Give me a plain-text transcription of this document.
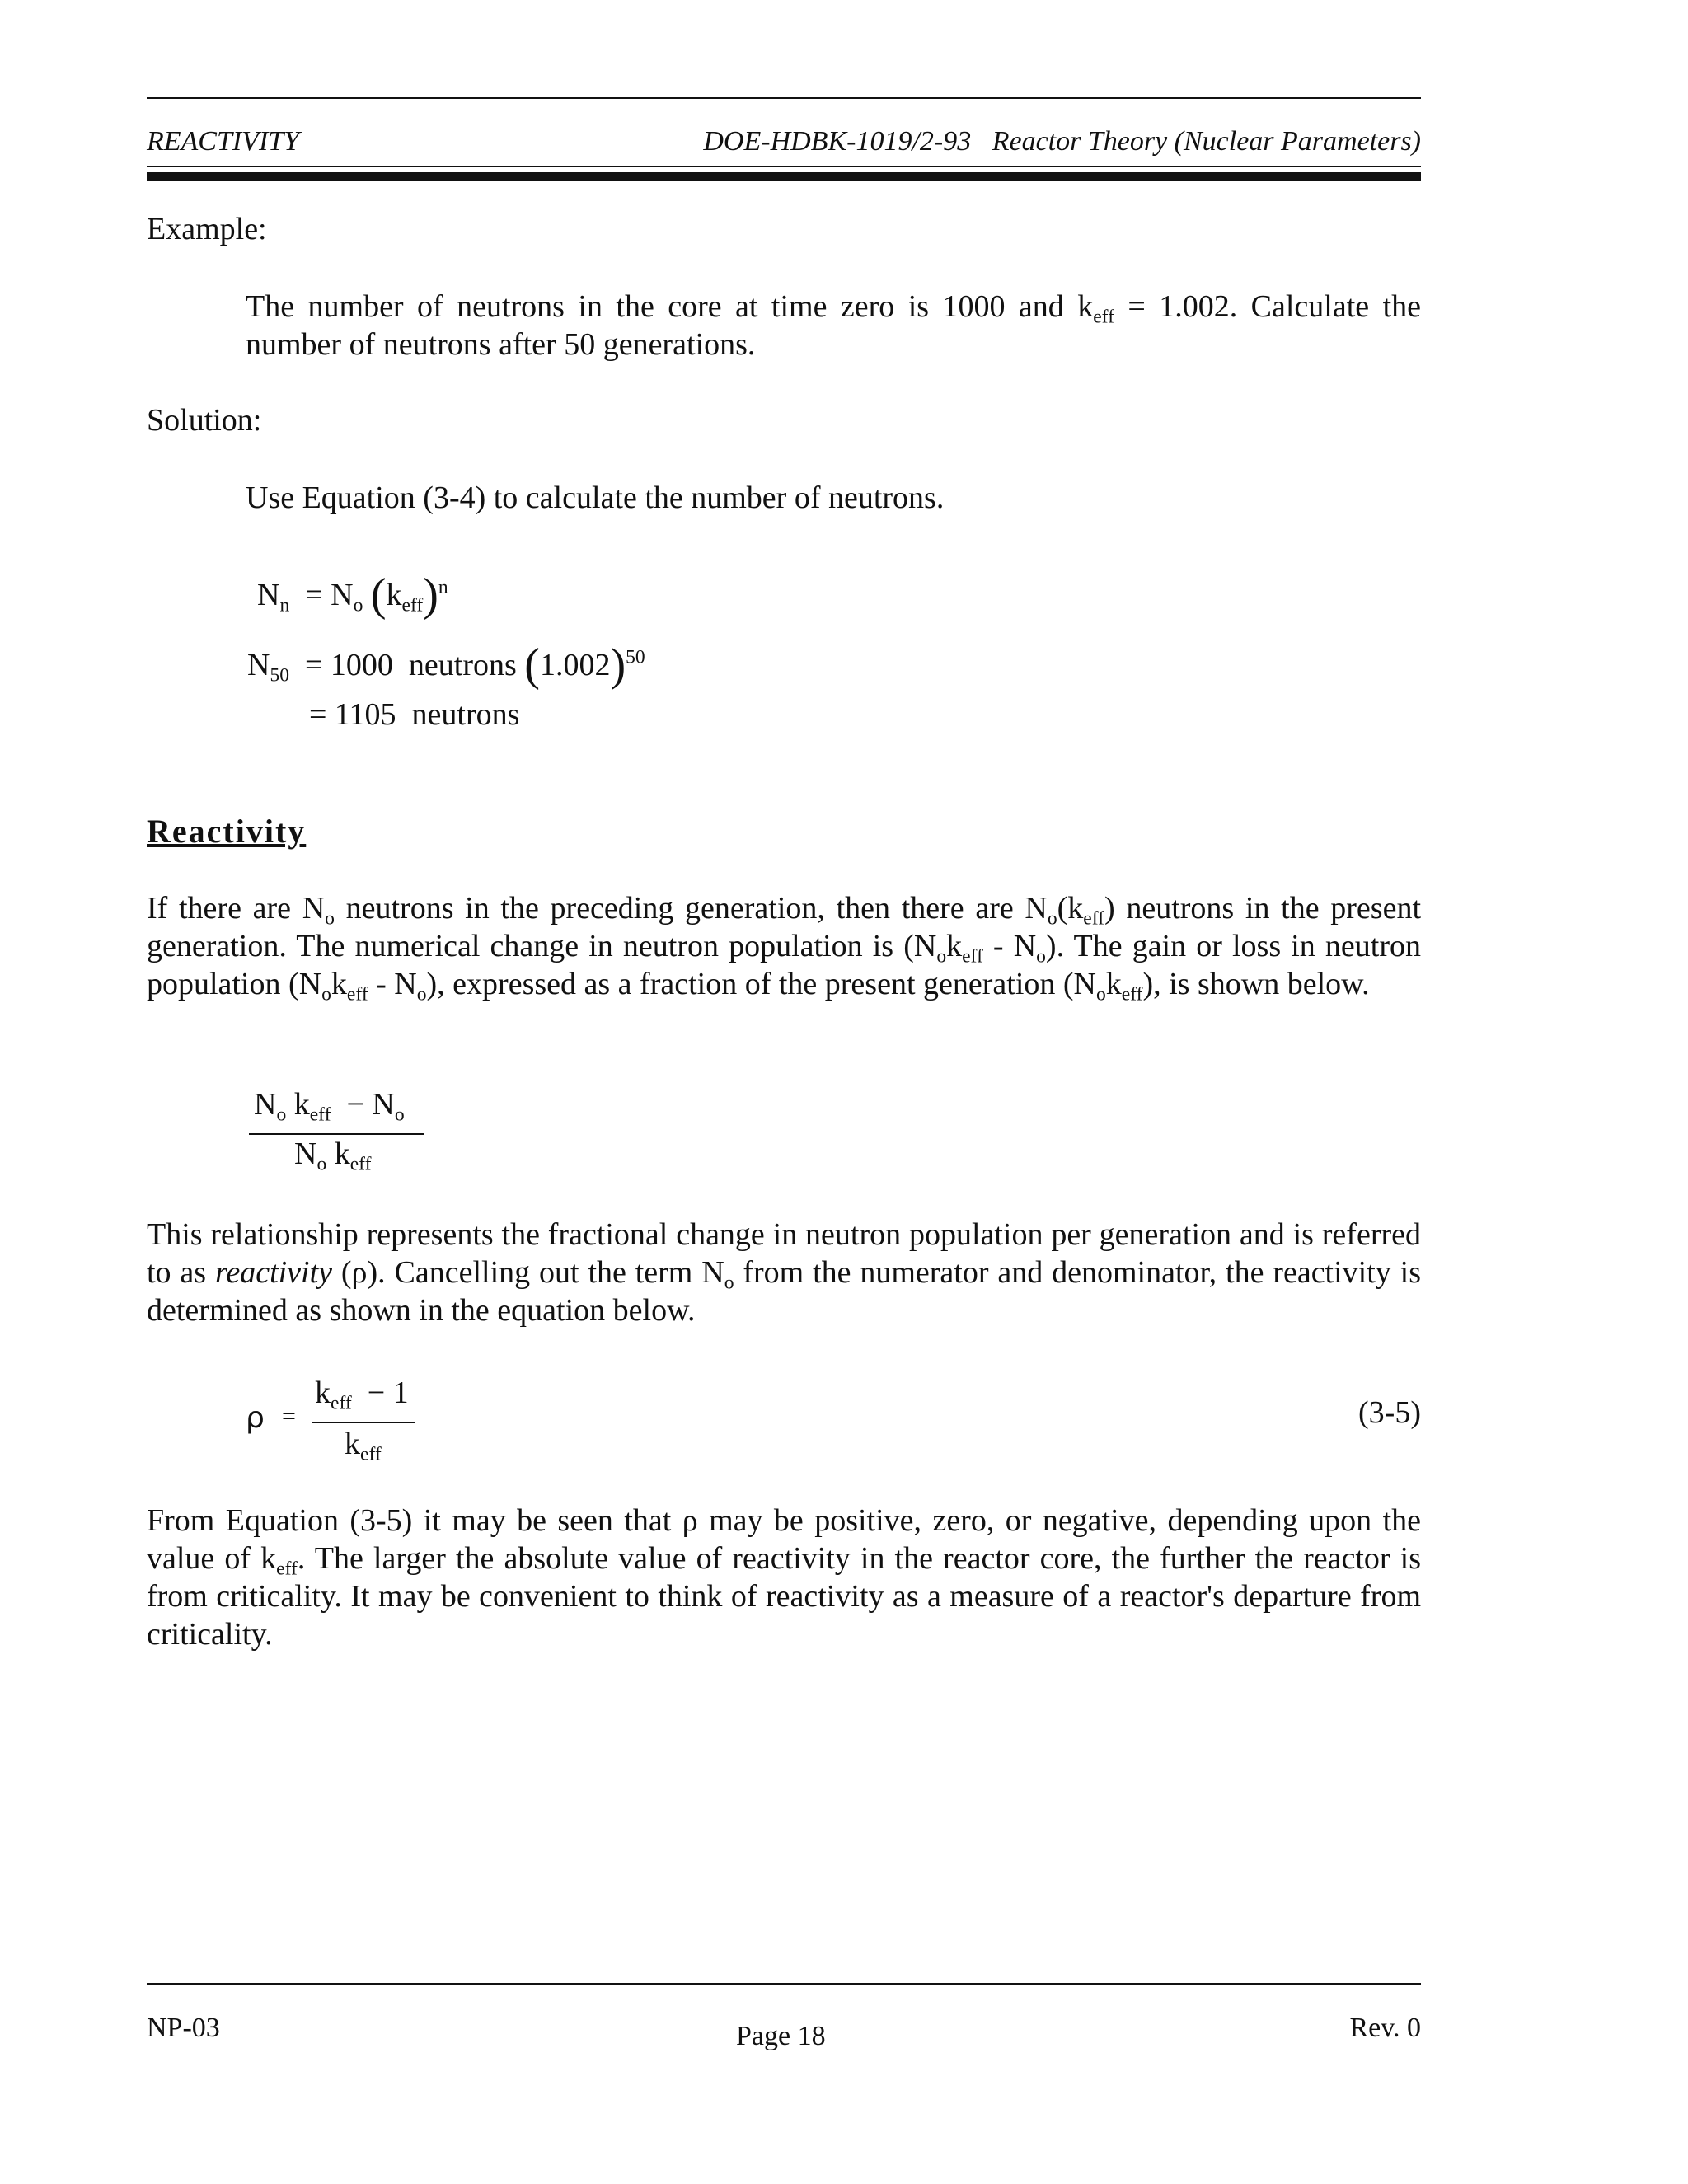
REACTIVITY	DOE-HDBK-1019/2-93   Reactor Theory (Nuclear Parameters)
Example:
The number of neutrons in the core at time zero is 1000 and $k_{eff} = 1.002$. Calculate the number of neutrons after 50 generations.
Solution:
Use Equation (3-4) to calculate the number of neutrons.
$N_n = N_o$ $(k_{eff})^n$
$N_{50} = 1000$  neutrons $(1.002)^{50}$
= 1105  neutrons
Reactivity
If there are $N_o$ neutrons in the preceding generation, then there are $N_o(k_{eff})$ neutrons in the present generation. The numerical change in neutron population is $(N_ok_{eff} - N_o)$. The gain or loss in neutron population $(N_ok_{eff} - N_o)$, expressed as a fraction of the present generation $(N_ok_{eff})$, is shown below.
$N_o$ $k_{eff} - N_o$
$N_o$ $k_{eff}$
This relationship represents the fractional change in neutron population per generation and is referred to as reactivity (ρ). Cancelling out the term $N_o$ from the numerator and denominator, the reactivity is determined as shown in the equation below.
ρ =
$k_{eff} - 1$
$k_{eff}$
(3-5)
From Equation (3-5) it may be seen that ρ may be positive, zero, or negative, depending upon the value of $k_{eff}$. The larger the absolute value of reactivity in the reactor core, the further the reactor is from criticality. It may be convenient to think of reactivity as a measure of a reactor's departure from criticality.
NP-03	Page 18	Rev. 0
